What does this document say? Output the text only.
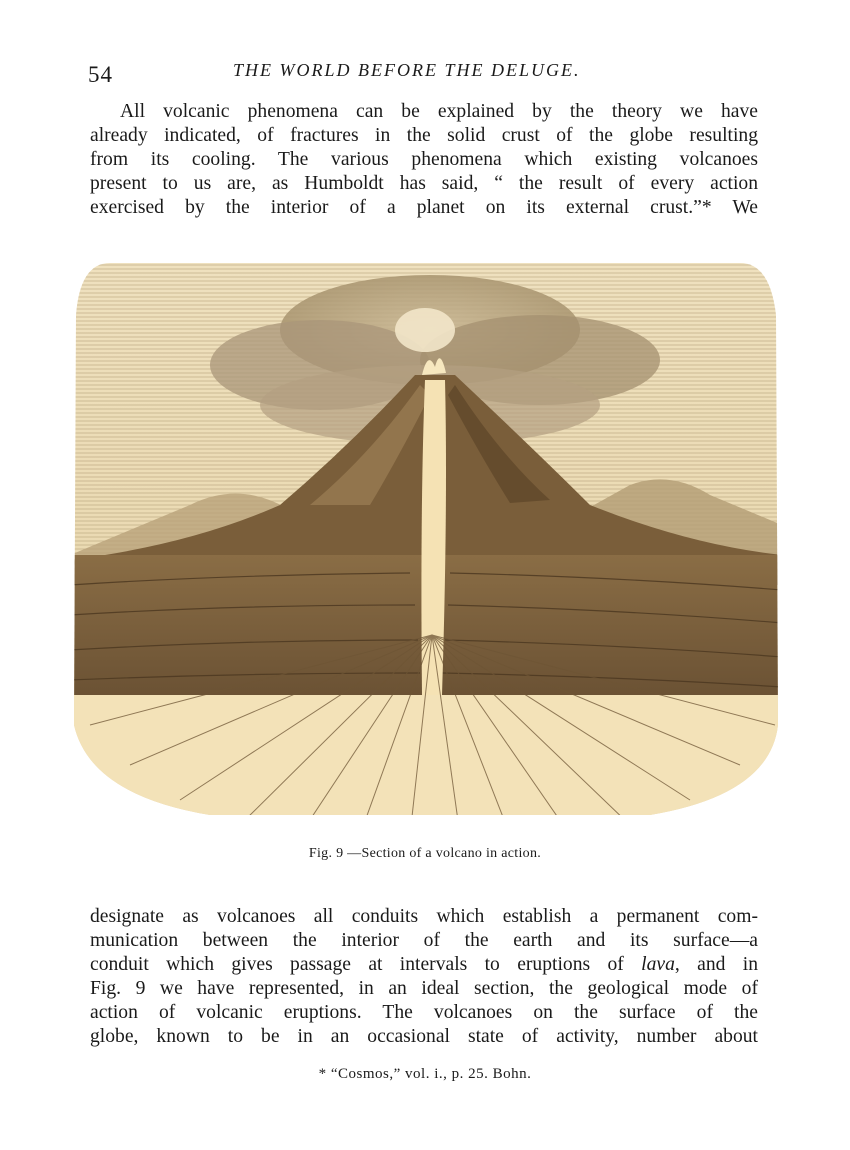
54	THE WORLD BEFORE THE DELUGE.
All volcanic phenomena can be explained by the theory we have
already indicated, of fractures in the solid crust of the globe resulting
from its cooling. The various phenomena which existing volcanoes
present to us are, as Humboldt has said, “ the result of every action
exercised by the interior of a planet on its external crust.”* We
Fig. 9 —Section of a volcano in action.
designate as volcanoes all conduits which establish a permanent com-
munication between the interior of the earth and its surface—a
conduit which gives passage at intervals to eruptions of lava, and in
Fig. 9 we have represented, in an ideal section, the geological mode of
action of volcanic eruptions. The volcanoes on the surface of the
globe, known to be in an occasional state of activity, number about
* “Cosmos,” vol. i., p. 25. Bohn.
